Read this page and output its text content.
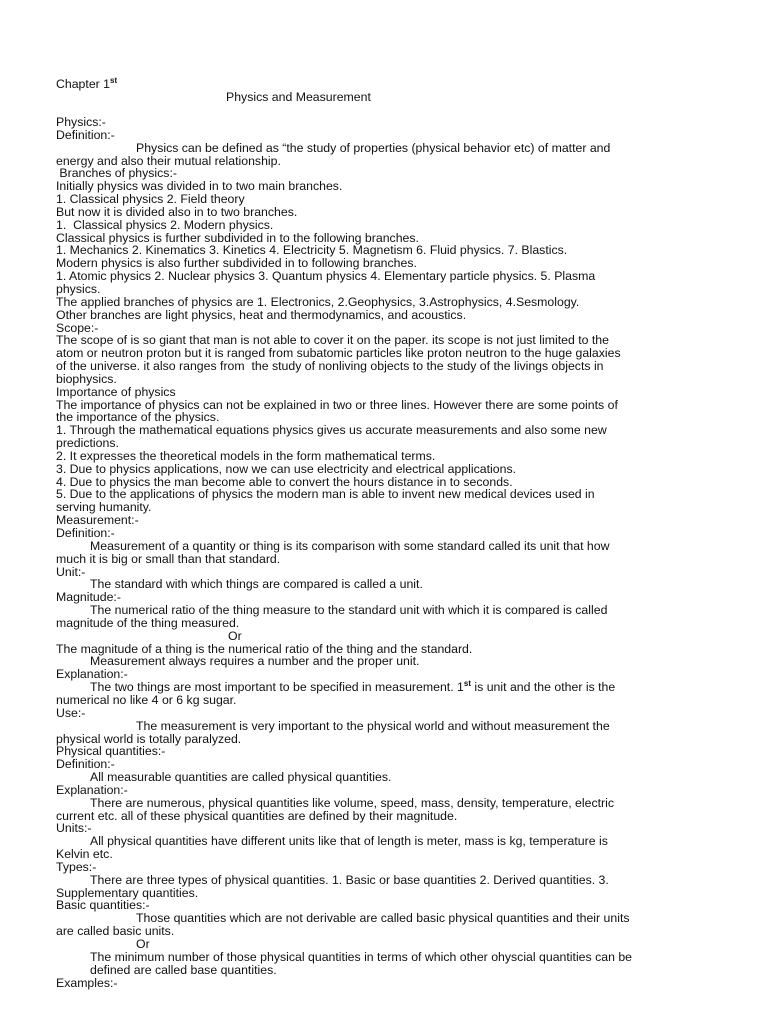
Chapter 1st
Physics and Measurement
Physics:-
Definition:-
Physics can be defined as “the study of properties (physical behavior etc) of matter and
energy and also their mutual relationship.
Branches of physics:-
Initially physics was divided in to two main branches.
1. Classical physics 2. Field theory
But now it is divided also in to two branches.
1.  Classical physics 2. Modern physics.
Classical physics is further subdivided in to the following branches.
1. Mechanics 2. Kinematics 3. Kinetics 4. Electricity 5. Magnetism 6. Fluid physics. 7. Blastics.
Modern physics is also further subdivided in to following branches.
1. Atomic physics 2. Nuclear physics 3. Quantum physics 4. Elementary particle physics. 5. Plasma
physics.
The applied branches of physics are 1. Electronics, 2.Geophysics, 3.Astrophysics, 4.Sesmology.
Other branches are light physics, heat and thermodynamics, and acoustics.
Scope:-
The scope of is so giant that man is not able to cover it on the paper. its scope is not just limited to the
atom or neutron proton but it is ranged from subatomic particles like proton neutron to the huge galaxies
of the universe. it also ranges from  the study of nonliving objects to the study of the livings objects in
biophysics.
Importance of physics
The importance of physics can not be explained in two or three lines. However there are some points of
the importance of the physics.
1. Through the mathematical equations physics gives us accurate measurements and also some new
predictions.
2. It expresses the theoretical models in the form mathematical terms.
3. Due to physics applications, now we can use electricity and electrical applications.
4. Due to physics the man become able to convert the hours distance in to seconds.
5. Due to the applications of physics the modern man is able to invent new medical devices used in
serving humanity.
Measurement:-
Definition:-
Measurement of a quantity or thing is its comparison with some standard called its unit that how
much it is big or small than that standard.
Unit:-
The standard with which things are compared is called a unit.
Magnitude:-
The numerical ratio of the thing measure to the standard unit with which it is compared is called
magnitude of the thing measured.
Or
The magnitude of a thing is the numerical ratio of the thing and the standard.
Measurement always requires a number and the proper unit.
Explanation:-
The two things are most important to be specified in measurement. 1st is unit and the other is the
numerical no like 4 or 6 kg sugar.
Use:-
The measurement is very important to the physical world and without measurement the
physical world is totally paralyzed.
Physical quantities:-
Definition:-
All measurable quantities are called physical quantities.
Explanation:-
There are numerous, physical quantities like volume, speed, mass, density, temperature, electric
current etc. all of these physical quantities are defined by their magnitude.
Units:-
All physical quantities have different units like that of length is meter, mass is kg, temperature is
Kelvin etc.
Types:-
There are three types of physical quantities. 1. Basic or base quantities 2. Derived quantities. 3.
Supplementary quantities.
Basic quantities:-
Those quantities which are not derivable are called basic physical quantities and their units
are called basic units.
Or
The minimum number of those physical quantities in terms of which other ohyscial quantities can be
defined are called base quantities.
Examples:-
